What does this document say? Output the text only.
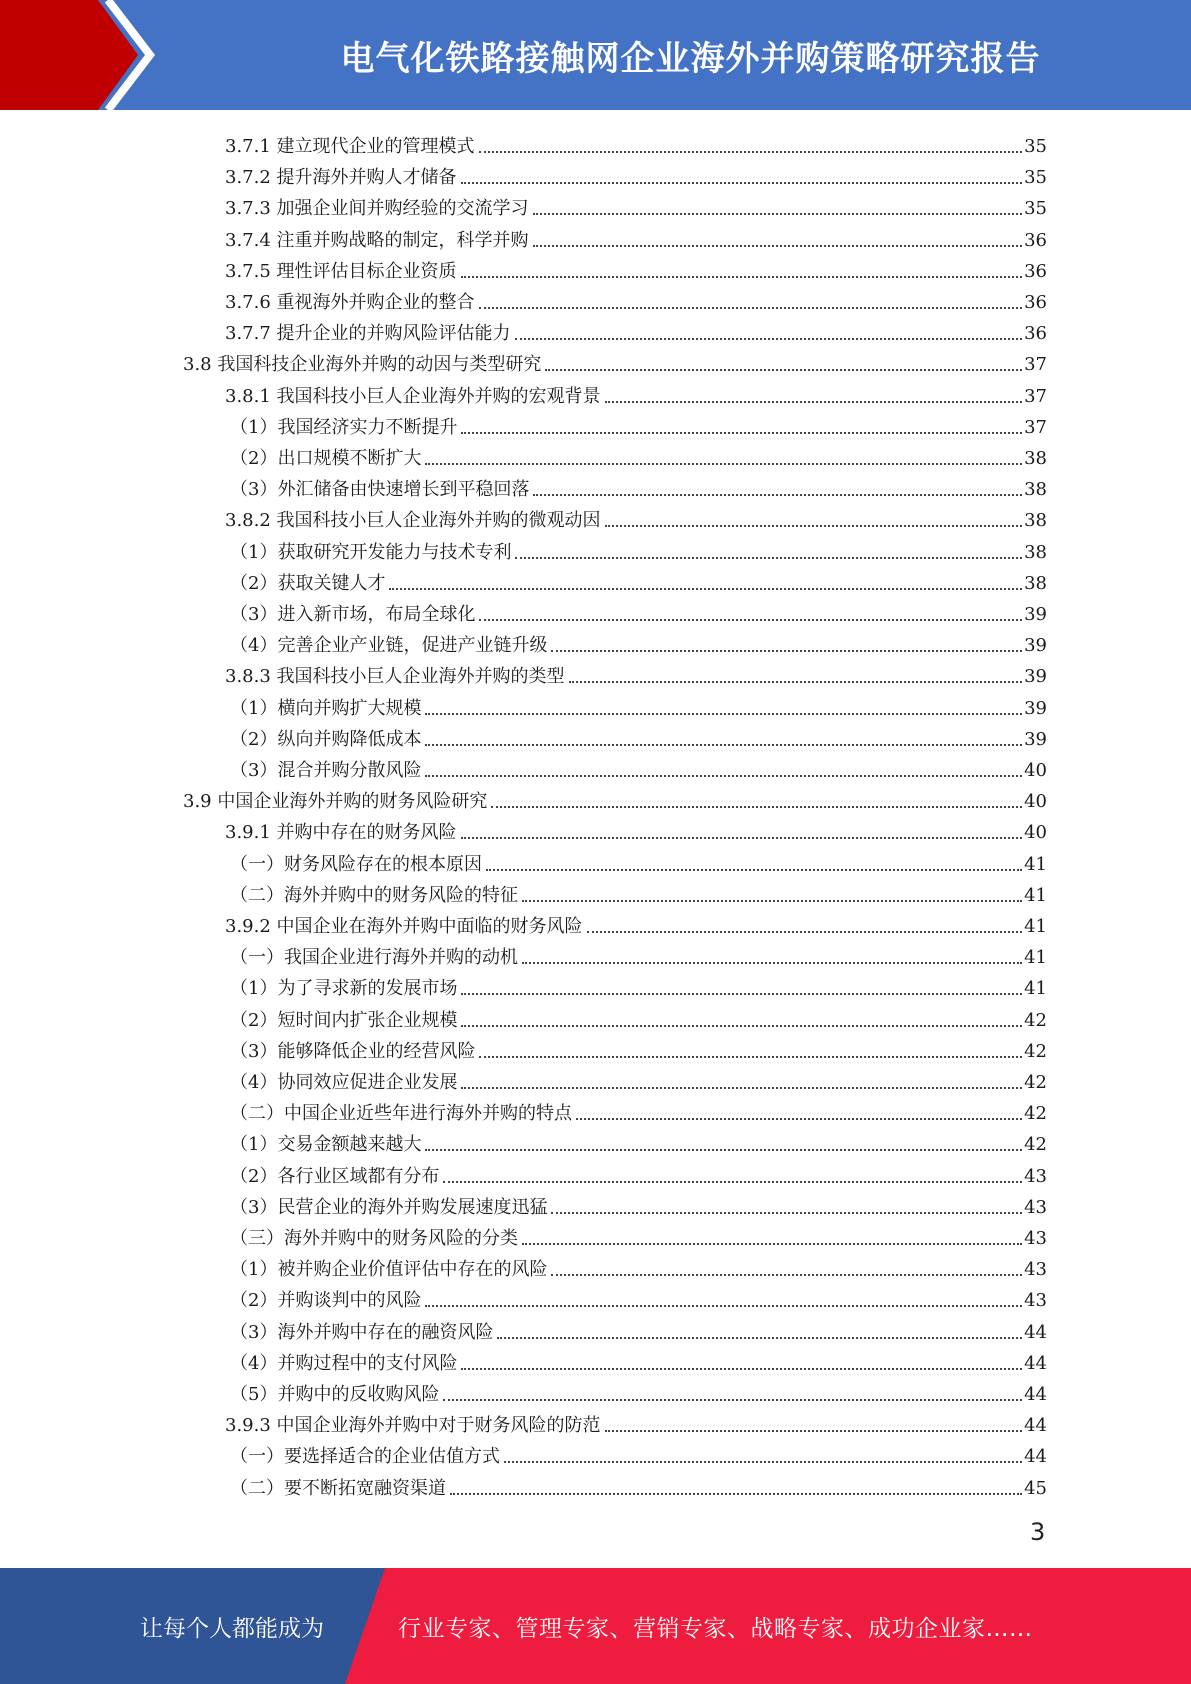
电气化铁路接触网企业海外并购策略研究报告
3.7.1 建立现代企业的管理模式	35
3.7.2 提升海外并购人才储备	35
3.7.3 加强企业间并购经验的交流学习	35
3.7.4 注重并购战略的制定，科学并购	36
3.7.5 理性评估目标企业资质	36
3.7.6 重视海外并购企业的整合	36
3.7.7 提升企业的并购风险评估能力	36
3.8 我国科技企业海外并购的动因与类型研究	37
3.8.1 我国科技小巨人企业海外并购的宏观背景	37
（1）我国经济实力不断提升	37
（2）出口规模不断扩大	38
（3）外汇储备由快速增长到平稳回落	38
3.8.2 我国科技小巨人企业海外并购的微观动因	38
（1）获取研究开发能力与技术专利	38
（2）获取关键人才	38
（3）进入新市场，布局全球化	39
（4）完善企业产业链，促进产业链升级	39
3.8.3 我国科技小巨人企业海外并购的类型	39
（1）横向并购扩大规模	39
（2）纵向并购降低成本	39
（3）混合并购分散风险	40
3.9 中国企业海外并购的财务风险研究	40
3.9.1 并购中存在的财务风险	40
（一）财务风险存在的根本原因	41
（二）海外并购中的财务风险的特征	41
3.9.2 中国企业在海外并购中面临的财务风险	41
（一）我国企业进行海外并购的动机	41
（1）为了寻求新的发展市场	41
（2）短时间内扩张企业规模	42
（3）能够降低企业的经营风险	42
（4）协同效应促进企业发展	42
（二）中国企业近些年进行海外并购的特点	42
（1）交易金额越来越大	42
（2）各行业区域都有分布	43
（3）民营企业的海外并购发展速度迅猛	43
（三）海外并购中的财务风险的分类	43
（1）被并购企业价值评估中存在的风险	43
（2）并购谈判中的风险	43
（3）海外并购中存在的融资风险	44
（4）并购过程中的支付风险	44
（5）并购中的反收购风险	44
3.9.3 中国企业海外并购中对于财务风险的防范	44
（一）要选择适合的企业估值方式	44
（二）要不断拓宽融资渠道	45
3
让每个人都能成为	行业专家、管理专家、营销专家、战略专家、成功企业家……
